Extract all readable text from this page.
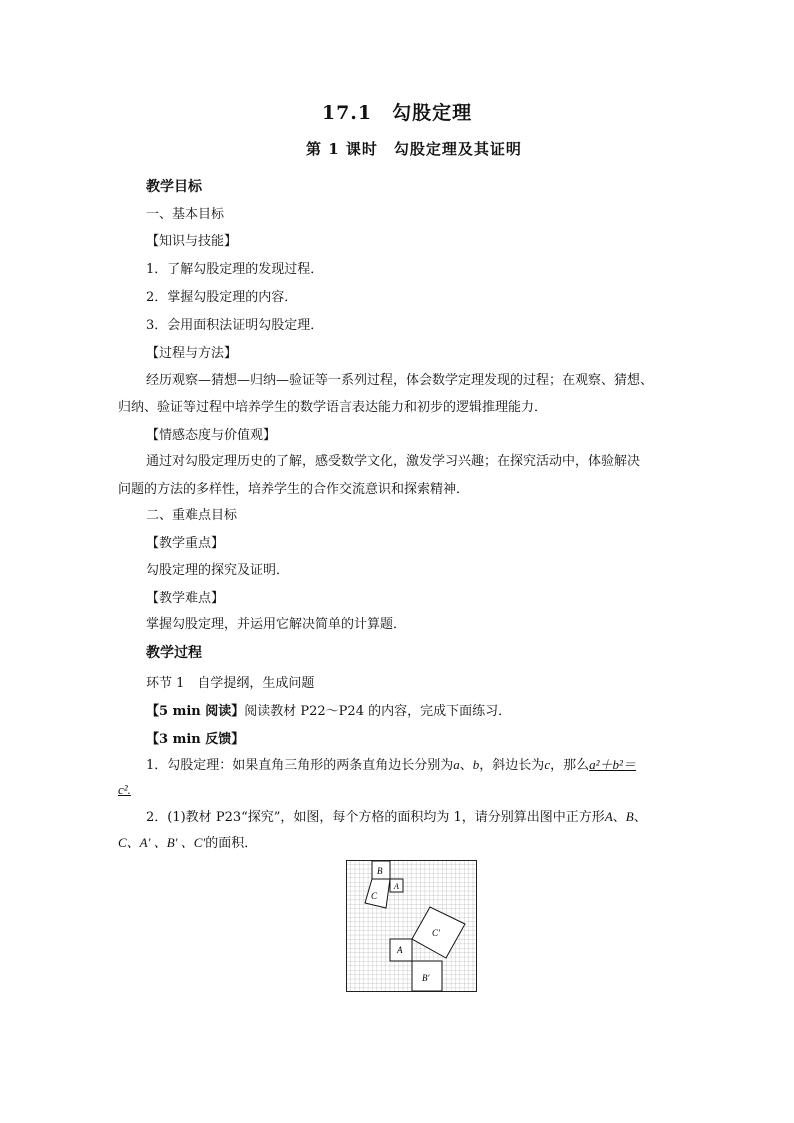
17.1　勾股定理
第 1 课时　勾股定理及其证明
教学目标
一、基本目标
【知识与技能】
1．了解勾股定理的发现过程．
2．掌握勾股定理的内容．
3．会用面积法证明勾股定理．
【过程与方法】
经历观察—猜想—归纳—验证等一系列过程，体会数学定理发现的过程；在观察、猜想、
归纳、验证等过程中培养学生的数学语言表达能力和初步的逻辑推理能力．
【情感态度与价值观】
通过对勾股定理历史的了解，感受数学文化，激发学习兴趣；在探究活动中，体验解决
问题的方法的多样性，培养学生的合作交流意识和探索精神．
二、重难点目标
【教学重点】
勾股定理的探究及证明．
【教学难点】
掌握勾股定理，并运用它解决简单的计算题．
教学过程
环节 1　自学提纲，生成问题
【5 min 阅读】阅读教材 P22～P24 的内容，完成下面练习．
【3 min 反馈】
1．勾股定理：如果直角三角形的两条直角边长分别为a、b，斜边长为c，那么a²＋b²＝
c².
2．(1)教材 P23“探究”，如图，每个方格的面积均为 1，请分别算出图中正方形A、B、
C、A′ 、B′ 、C′的面积．
B
A
C
A
C′
B′
